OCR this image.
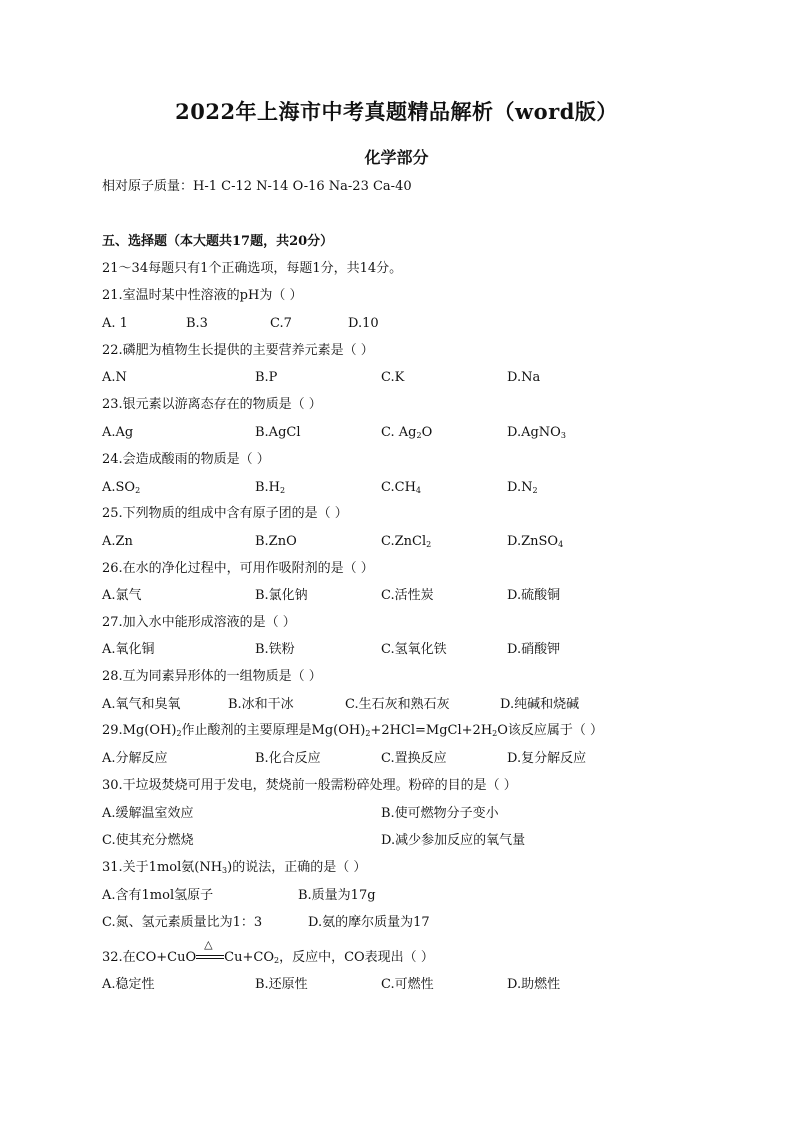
2022年上海市中考真题精品解析（word版）
化学部分
相对原子质量：H-1 C-12 N-14 O-16 Na-23 Ca-40
五、选择题（本大题共17题，共20分）
21～34每题只有1个正确选项，每题1分，共14分。
21.室温时某中性溶液的pH为（ ）
A. 1	B.3	C.7	D.10
22.磷肥为植物生长提供的主要营养元素是（ ）
A.N	B.P	C.K	D.Na
23.银元素以游离态存在的物质是（ ）
A.Ag	B.AgCl	C. $Ag_2O$	D.AgNO$_3$
24.会造成酸雨的物质是（ ）
$A.SO_2$	$B.H_2$	$C.CH_4$	$D.N_2$
25.下列物质的组成中含有原子团的是（ ）
A.Zn	B.ZnO	C.ZnCl$_2$	D.ZnSO$_4$
26.在水的净化过程中，可用作吸附剂的是（ ）
A.氯气	B.氯化钠	C.活性炭	D.硫酸铜
27.加入水中能形成溶液的是（ ）
A.氧化铜	B.铁粉	C.氢氧化铁	D.硝酸钾
28.互为同素异形体的一组物质是（ ）
A.氧气和臭氧	B.冰和干冰	C.生石灰和熟石灰	D.纯碱和烧碱
$29.Mg(OH)_2$作止酸剂的主要原理是$Mg(OH)_2+2HCl=MgCl+2H_2O$该反应属于（ ）
A.分解反应	B.化合反应	C.置换反应	D.复分解反应
30.干垃圾焚烧可用于发电，焚烧前一般需粉碎处理。粉碎的目的是（ ）
A.缓解温室效应	B.使可燃物分子变小
C.使其充分燃烧	D.减少参加反应的氧气量
31.关于1mol氨$(NH_3)$的说法，正确的是（ ）
A.含有1mol氢原子	B.质量为17g
C.氮、氢元素质量比为1：3	D.氨的摩尔质量为17
32.在CO+CuO
△
$Cu+CO_2$，反应中，CO表现出（ ）
A.稳定性	B.还原性	C.可燃性	D.助燃性
